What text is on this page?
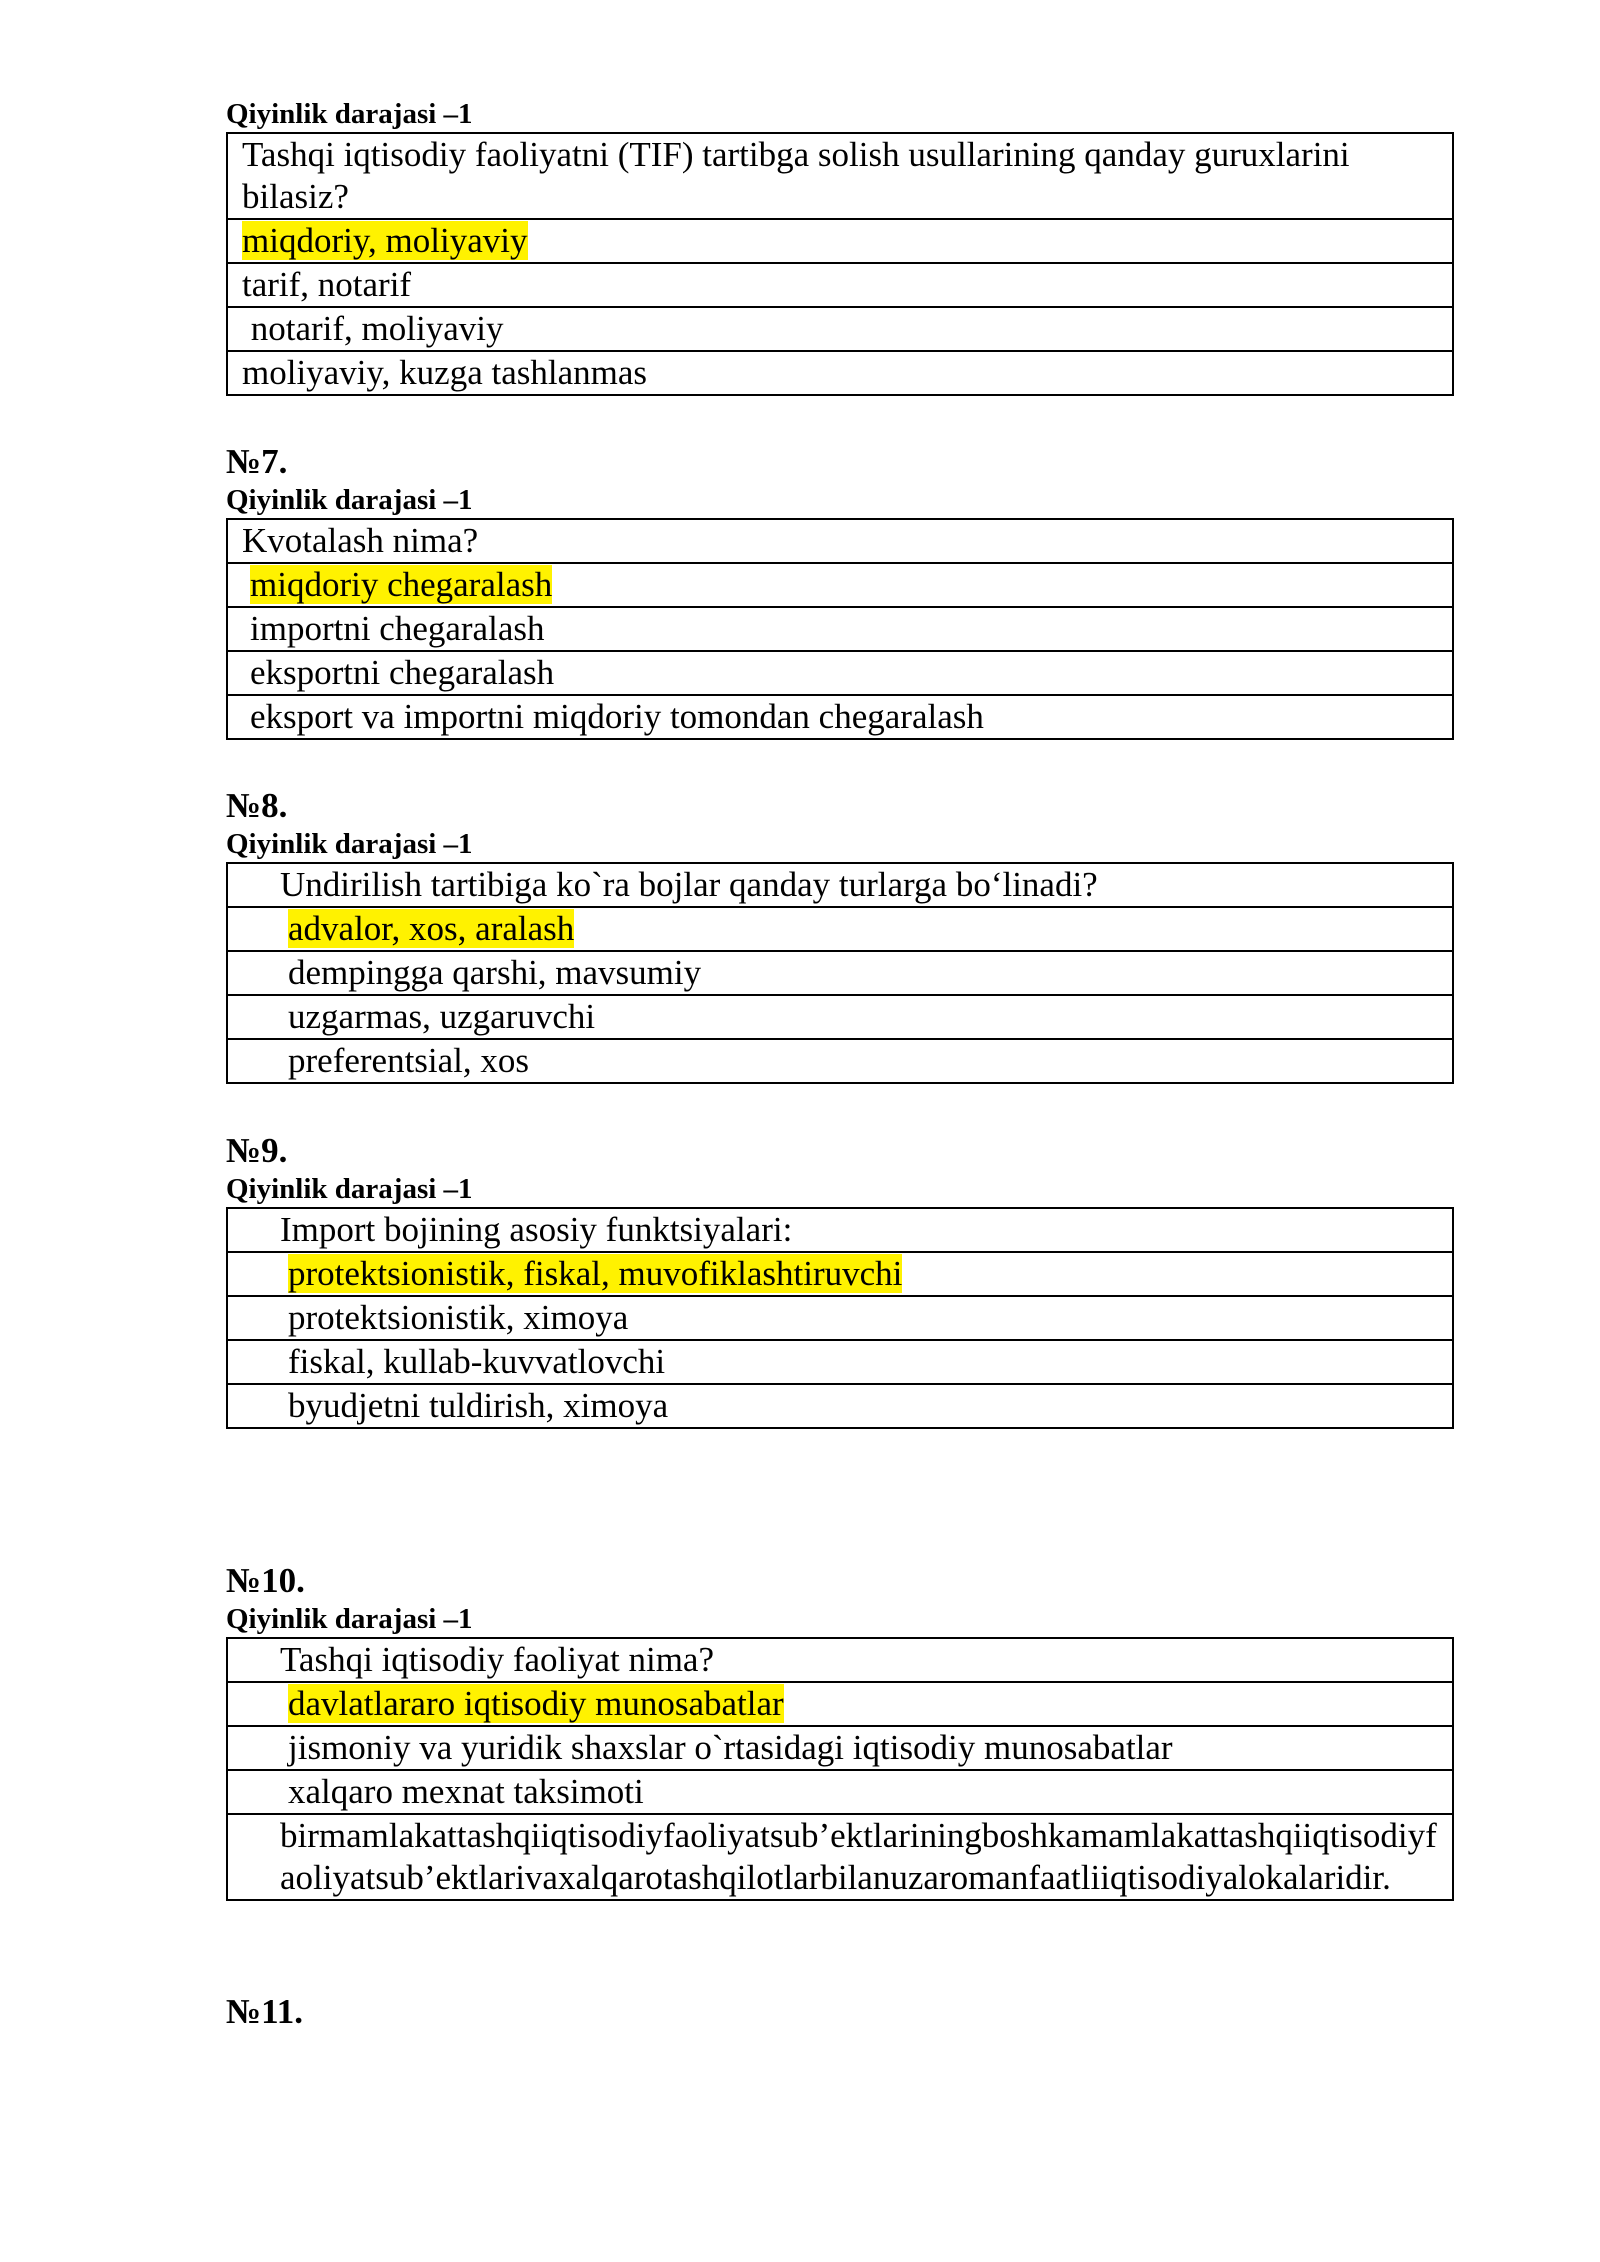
Qiyinlik darajasi –1
Tashqi iqtisodiy faoliyatni (TIF) tartibga solish usullarining qanday guruxlarini bilasiz?
miqdoriy, moliyaviy
tarif, notarif
notarif, moliyaviy
moliyaviy, kuzga tashlanmas
№7.
Qiyinlik darajasi –1
Kvotalash nima?
miqdoriy chegaralash
importni chegaralash
eksportni chegaralash
eksport va importni miqdoriy tomondan chegaralash
№8.
Qiyinlik darajasi –1
Undirilish tartibiga ko`ra bojlar qanday turlarga bo‘linadi?
advalor, xos, aralash
dempingga qarshi, mavsumiy
uzgarmas, uzgaruvchi
preferentsial, xos
№9.
Qiyinlik darajasi –1
Import bojining asosiy funktsiyalari:
protektsionistik, fiskal, muvofiklashtiruvchi
protektsionistik, ximoya
fiskal, kullab-kuvvatlovchi
byudjetni tuldirish, ximoya
№10.
Qiyinlik darajasi –1
Tashqi iqtisodiy faoliyat nima?
davlatlararo iqtisodiy munosabatlar
jismoniy va yuridik shaxslar o`rtasidagi iqtisodiy munosabatlar
xalqaro mexnat taksimoti
birmamlakattashqiiqtisodiyfaoliyatsub’ektlariningboshkamamlakattashqiiqtisodiyfaoliyatsub’ektlarivaxalqarotashqilotlarbilanuzaromanfaatliiqtisodiyalokalaridir.
№11.
